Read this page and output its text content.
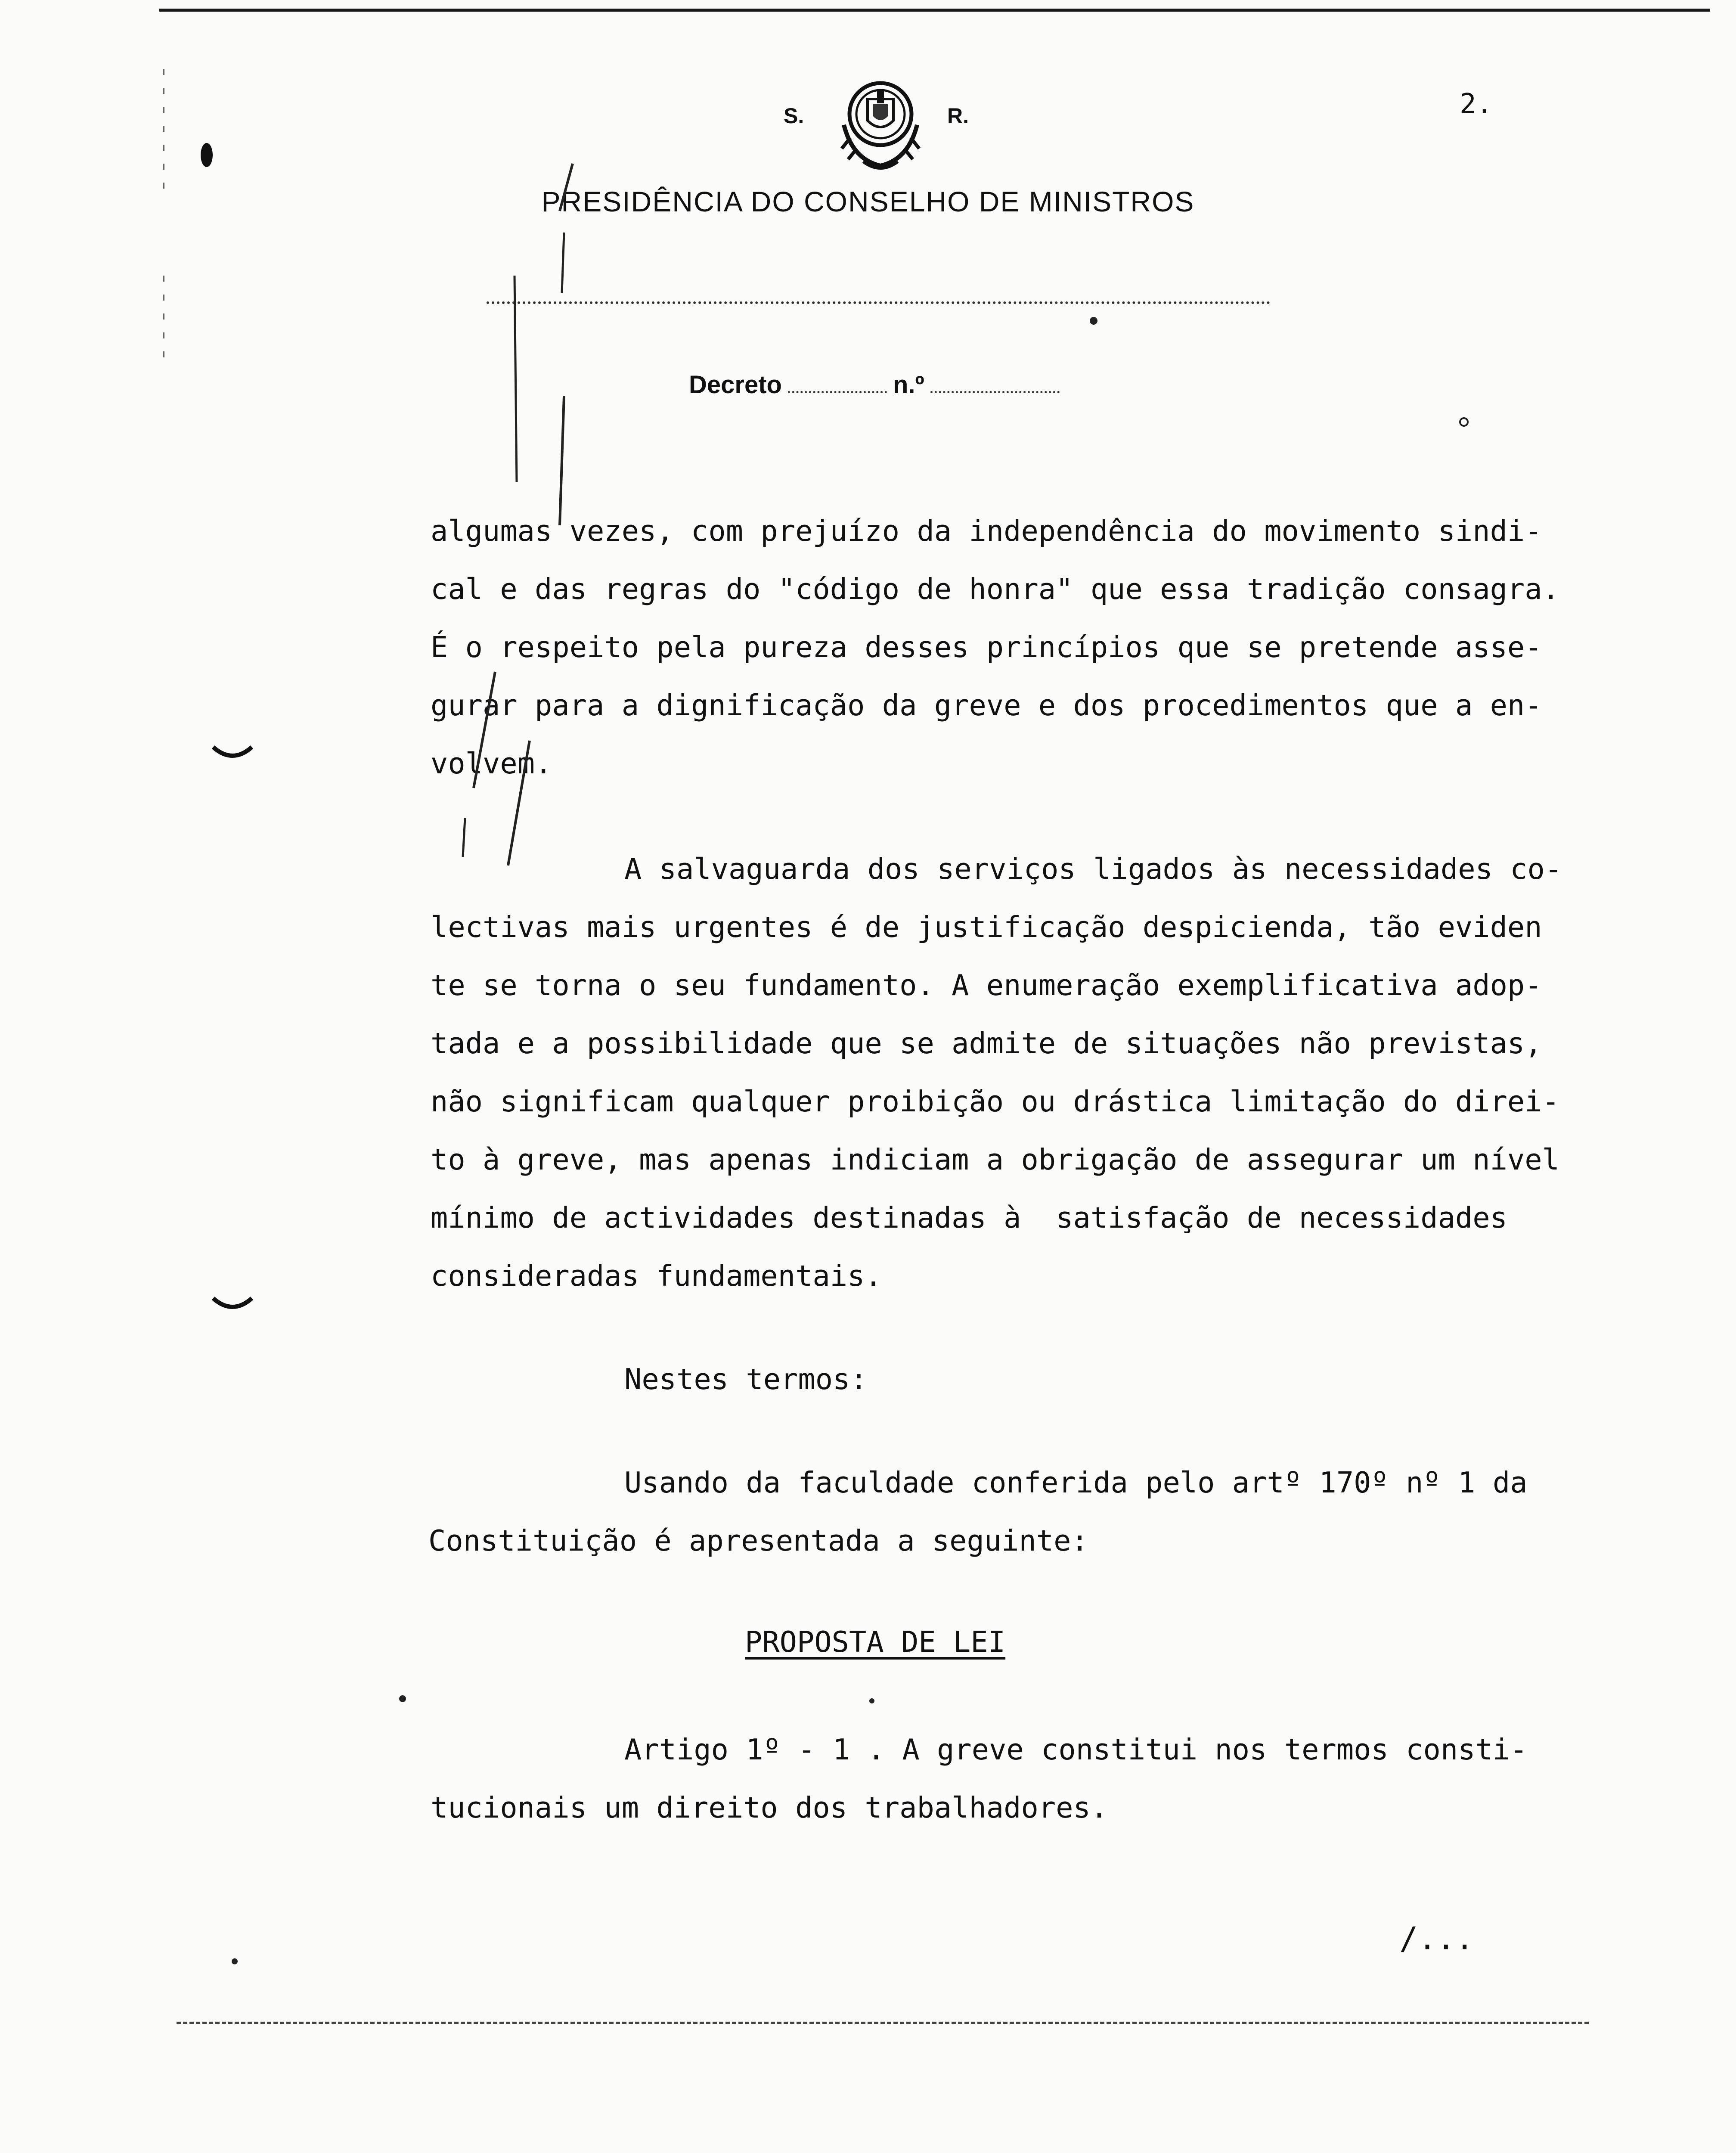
S.	R.	2.
PRESIDÊNCIA DO CONSELHO DE MINISTROS
Decreto	n.º
algumas vezes, com prejuízo da independência do movimento sindi-
cal e das regras do "código de honra" que essa tradição consagra.
É o respeito pela pureza desses princípios que se pretende asse-
gurar para a dignificação da greve e dos procedimentos que a en-
volvem.
A salvaguarda dos serviços ligados às necessidades co-
lectivas mais urgentes é de justificação despicienda, tão eviden
te se torna o seu fundamento. A enumeração exemplificativa adop-
tada e a possibilidade que se admite de situações não previstas,
não significam qualquer proibição ou drástica limitação do direi-
to à greve, mas apenas indiciam a obrigação de assegurar um nível
mínimo de actividades destinadas à  satisfação de necessidades
consideradas fundamentais.
Nestes termos:
Usando da faculdade conferida pelo artº 170º nº 1 da
Constituição é apresentada a seguinte:
PROPOSTA DE LEI
Artigo 1º - 1 . A greve constitui nos termos consti-
tucionais um direito dos trabalhadores.
/...
